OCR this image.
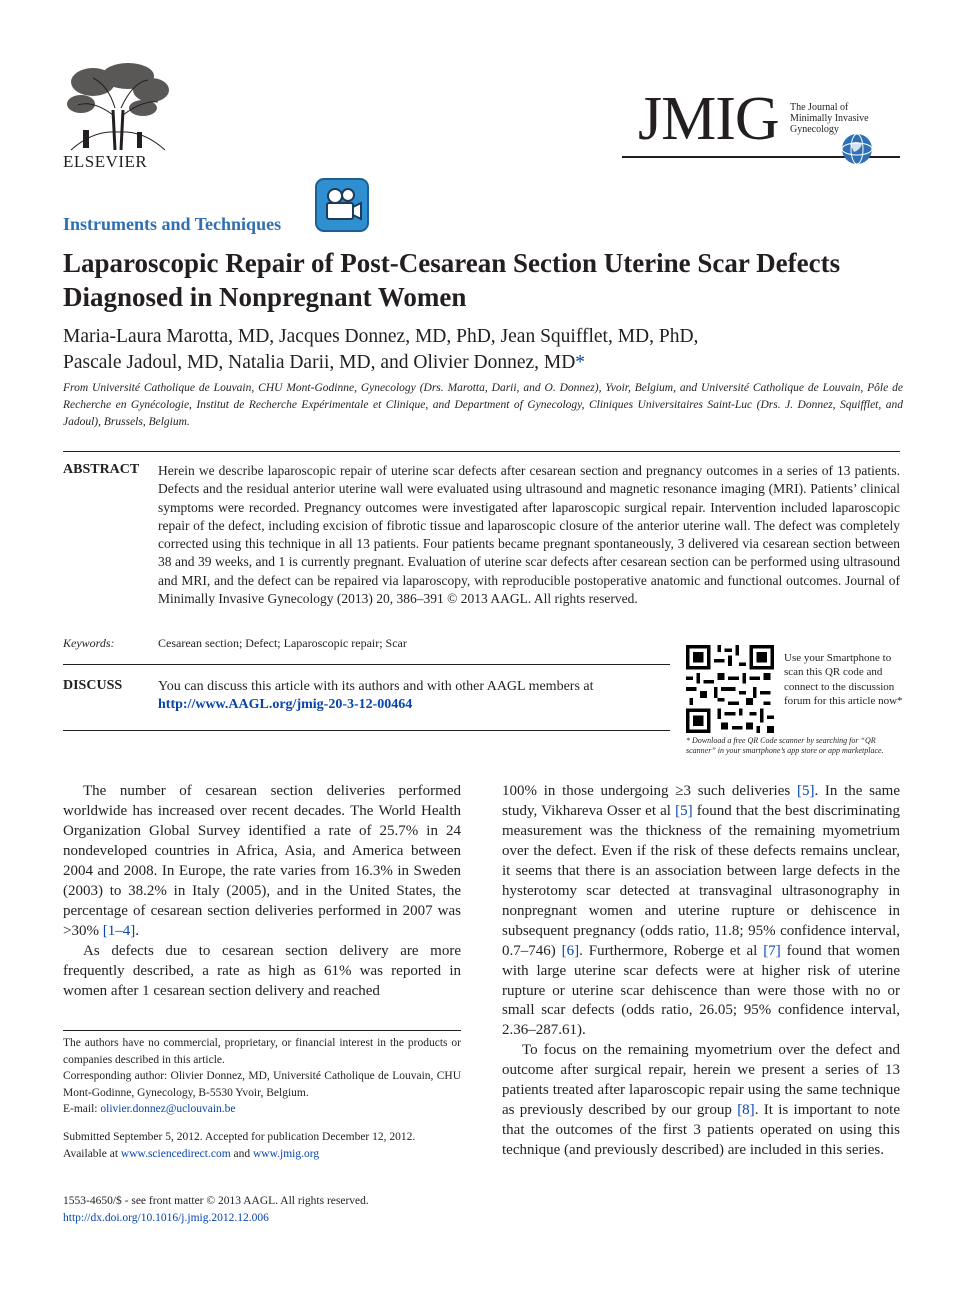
ELSEVIER
JMIG The Journal of
Minimally Invasive
Gynecology
Instruments and Techniques
Laparoscopic Repair of Post-Cesarean Section Uterine Scar Defects Diagnosed in Nonpregnant Women
Maria-Laura Marotta, MD, Jacques Donnez, MD, PhD, Jean Squifflet, MD, PhD,
Pascale Jadoul, MD, Natalia Darii, MD, and Olivier Donnez, MD*
From Université Catholique de Louvain, CHU Mont-Godinne, Gynecology (Drs. Marotta, Darii, and O. Donnez), Yvoir, Belgium, and Université Catholique de Louvain, Pôle de Recherche en Gynécologie, Institut de Recherche Expérimentale et Clinique, and Department of Gynecology, Cliniques Universitaires Saint-Luc (Drs. J. Donnez, Squifflet, and Jadoul), Brussels, Belgium.
ABSTRACT Herein we describe laparoscopic repair of uterine scar defects after cesarean section and pregnancy outcomes in a series of 13 patients. Defects and the residual anterior uterine wall were evaluated using ultrasound and magnetic resonance imaging (MRI). Patients’ clinical symptoms were recorded. Pregnancy outcomes were investigated after laparoscopic surgical repair. Intervention included laparoscopic repair of the defect, including excision of fibrotic tissue and laparoscopic closure of the anterior uterine wall. The defect was completely corrected using this technique in all 13 patients. Four patients became pregnant spontaneously, 3 delivered via cesarean section between 38 and 39 weeks, and 1 is currently pregnant. Evaluation of uterine scar defects after cesarean section can be performed using ultrasound and MRI, and the defect can be repaired via laparoscopy, with reproducible postoperative anatomic and functional outcomes. Journal of Minimally Invasive Gynecology (2013) 20, 386–391 © 2013 AAGL. All rights reserved.
Keywords:	Cesarean section; Defect; Laparoscopic repair; Scar
DISCUSS	You can discuss this article with its authors and with other AAGL members at
http://www.AAGL.org/jmig-20-3-12-00464
Use your Smartphone to scan this QR code and connect to the discussion forum for this article now*
* Download a free QR Code scanner by searching for “QR scanner” in your smartphone’s app store or app marketplace.

The number of cesarean section deliveries performed worldwide has increased over recent decades. The World Health Organization Global Survey identified a rate of 25.7% in 24 nondeveloped countries in Africa, Asia, and America between 2004 and 2008. In Europe, the rate varies from 16.3% in Sweden (2003) to 38.2% in Italy (2005), and in the United States, the percentage of cesarean section deliveries performed in 2007 was >30% [1–4].

As defects due to cesarean section delivery are more frequently described, a rate as high as 61% was reported in women after 1 cesarean section delivery and reached

100% in those undergoing ≥3 such deliveries [5]. In the same study, Vikhareva Osser et al [5] found that the best discriminating measurement was the thickness of the remaining myometrium over the defect. Even if the risk of these defects remains unclear, it seems that there is an association between large defects in the hysterotomy scar detected at transvaginal ultrasonography in nonpregnant women and uterine rupture or dehiscence in subsequent pregnancy (odds ratio, 11.8; 95% confidence interval, 0.7–746) [6]. Furthermore, Roberge et al [7] found that women with large uterine scar defects were at higher risk of uterine rupture or uterine scar dehiscence than were those with no or small scar defects (odds ratio, 26.05; 95% confidence interval, 2.36–287.61).

To focus on the remaining myometrium over the defect and outcome after surgical repair, herein we present a series of 13 patients treated after laparoscopic repair using the same technique as previously described by our group [8]. It is important to note that the outcomes of the first 3 patients operated on using this technique (and previously described) are included in this series.

The authors have no commercial, proprietary, or financial interest in the products or companies described in this article.
Corresponding author: Olivier Donnez, MD, Université Catholique de Louvain, CHU Mont-Godinne, Gynecology, B-5530 Yvoir, Belgium.
E-mail: olivier.donnez@uclouvain.be
Submitted September 5, 2012. Accepted for publication December 12, 2012.
Available at www.sciencedirect.com and www.jmig.org
1553-4650/$ - see front matter © 2013 AAGL. All rights reserved.
http://dx.doi.org/10.1016/j.jmig.2012.12.006
